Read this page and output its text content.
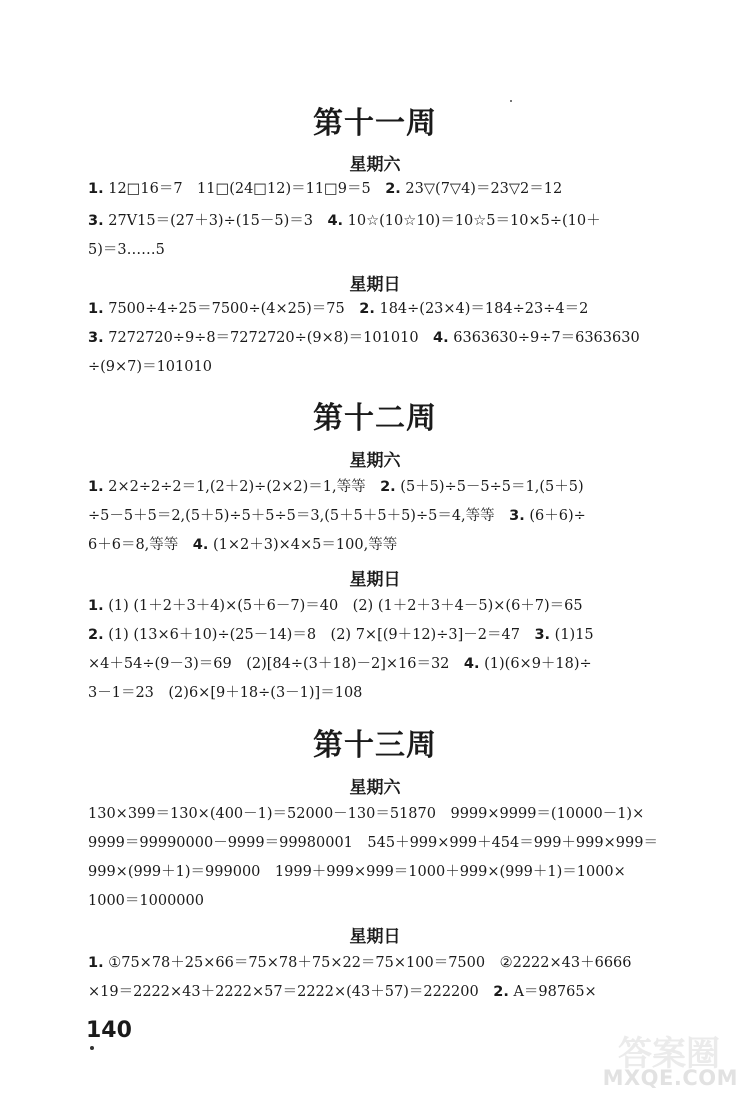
第十一周
星期六
1. 12□16＝7　11□(24□12)＝11□9＝5　2. 23▽(7▽4)＝23▽2＝12
3. 27V15＝(27＋3)÷(15－5)＝3　4. 10☆(10☆10)＝10☆5＝10×5÷(10＋
5)＝3……5
星期日
1. 7500÷4÷25＝7500÷(4×25)＝75　2. 184÷(23×4)＝184÷23÷4＝2
3. 7272720÷9÷8＝7272720÷(9×8)＝101010　4. 6363630÷9÷7＝6363630
÷(9×7)＝101010
第十二周
星期六
1. 2×2÷2÷2＝1,(2＋2)÷(2×2)＝1,等等　2. (5＋5)÷5－5÷5＝1,(5＋5)
÷5－5＋5＝2,(5＋5)÷5＋5÷5＝3,(5＋5＋5＋5)÷5＝4,等等　3. (6＋6)÷
6＋6＝8,等等　4. (1×2＋3)×4×5＝100,等等
星期日
1. (1) (1＋2＋3＋4)×(5＋6－7)＝40　(2) (1＋2＋3＋4－5)×(6＋7)＝65
2. (1) (13×6＋10)÷(25－14)＝8　(2) 7×[(9＋12)÷3]－2＝47　3. (1)15
×4＋54÷(9－3)＝69　(2)[84÷(3＋18)－2]×16＝32　4. (1)(6×9＋18)÷
3－1＝23　(2)6×[9＋18÷(3－1)]＝108
第十三周
星期六
130×399＝130×(400－1)＝52000－130＝51870　9999×9999＝(10000－1)×
9999＝99990000－9999＝99980001　545＋999×999＋454＝999＋999×999＝
999×(999＋1)＝999000　1999＋999×999＝1000＋999×(999＋1)＝1000×
1000＝1000000
星期日
1. ①75×78＋25×66＝75×78＋75×22＝75×100＝7500　②2222×43＋6666
×19＝2222×43＋2222×57＝2222×(43＋57)＝222200　2. A＝98765×
140
答案圈
MXQE.COM
